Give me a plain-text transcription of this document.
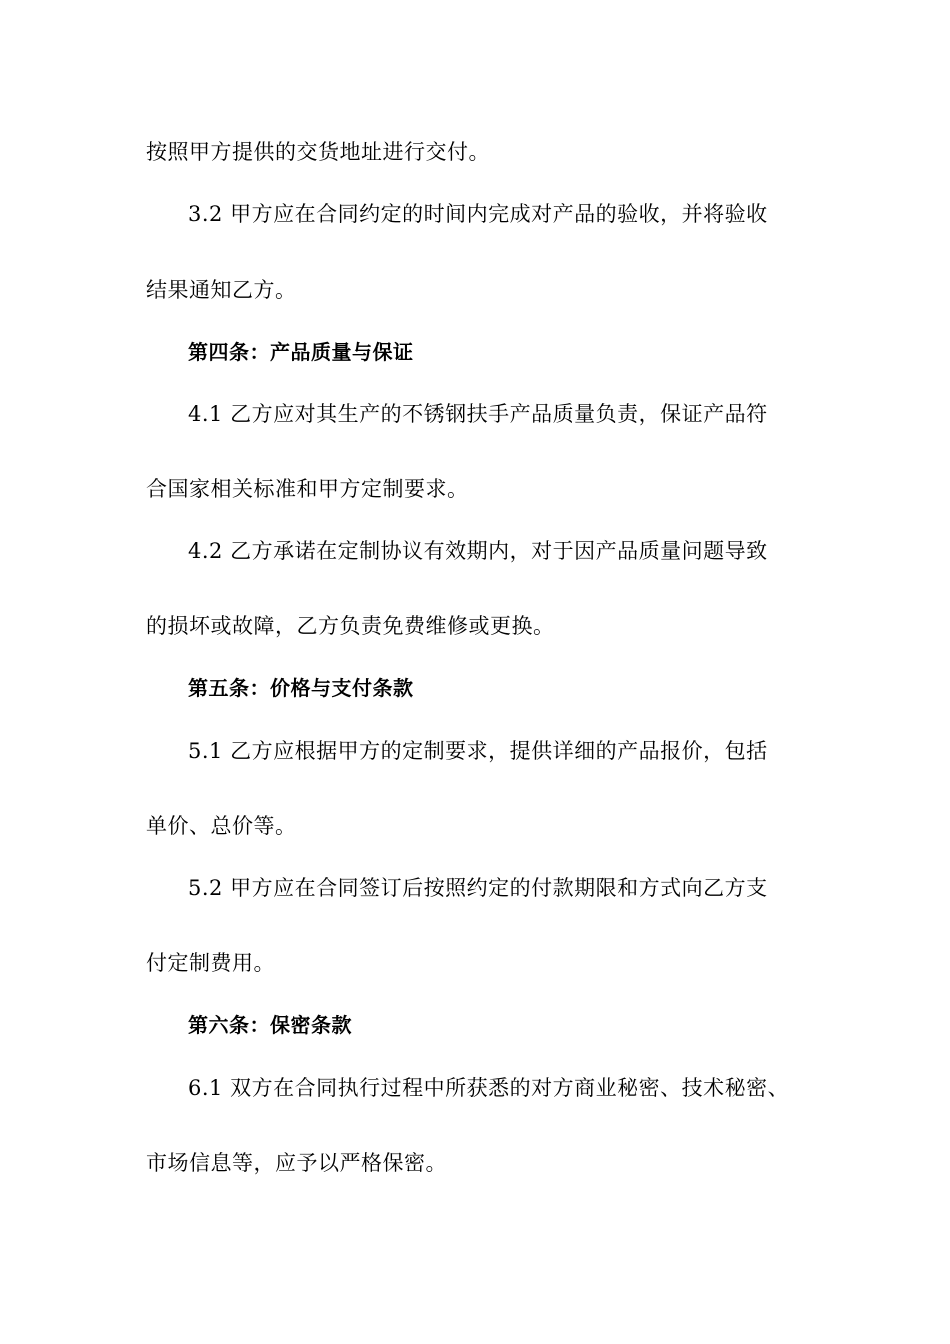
按照甲方提供的交货地址进行交付。
3.2 甲方应在合同约定的时间内完成对产品的验收，并将验收
结果通知乙方。
第四条：产品质量与保证
4.1 乙方应对其生产的不锈钢扶手产品质量负责，保证产品符
合国家相关标准和甲方定制要求。
4.2 乙方承诺在定制协议有效期内，对于因产品质量问题导致
的损坏或故障，乙方负责免费维修或更换。
第五条：价格与支付条款
5.1 乙方应根据甲方的定制要求，提供详细的产品报价，包括
单价、总价等。
5.2 甲方应在合同签订后按照约定的付款期限和方式向乙方支
付定制费用。
第六条：保密条款
6.1 双方在合同执行过程中所获悉的对方商业秘密、技术秘密、
市场信息等，应予以严格保密。
